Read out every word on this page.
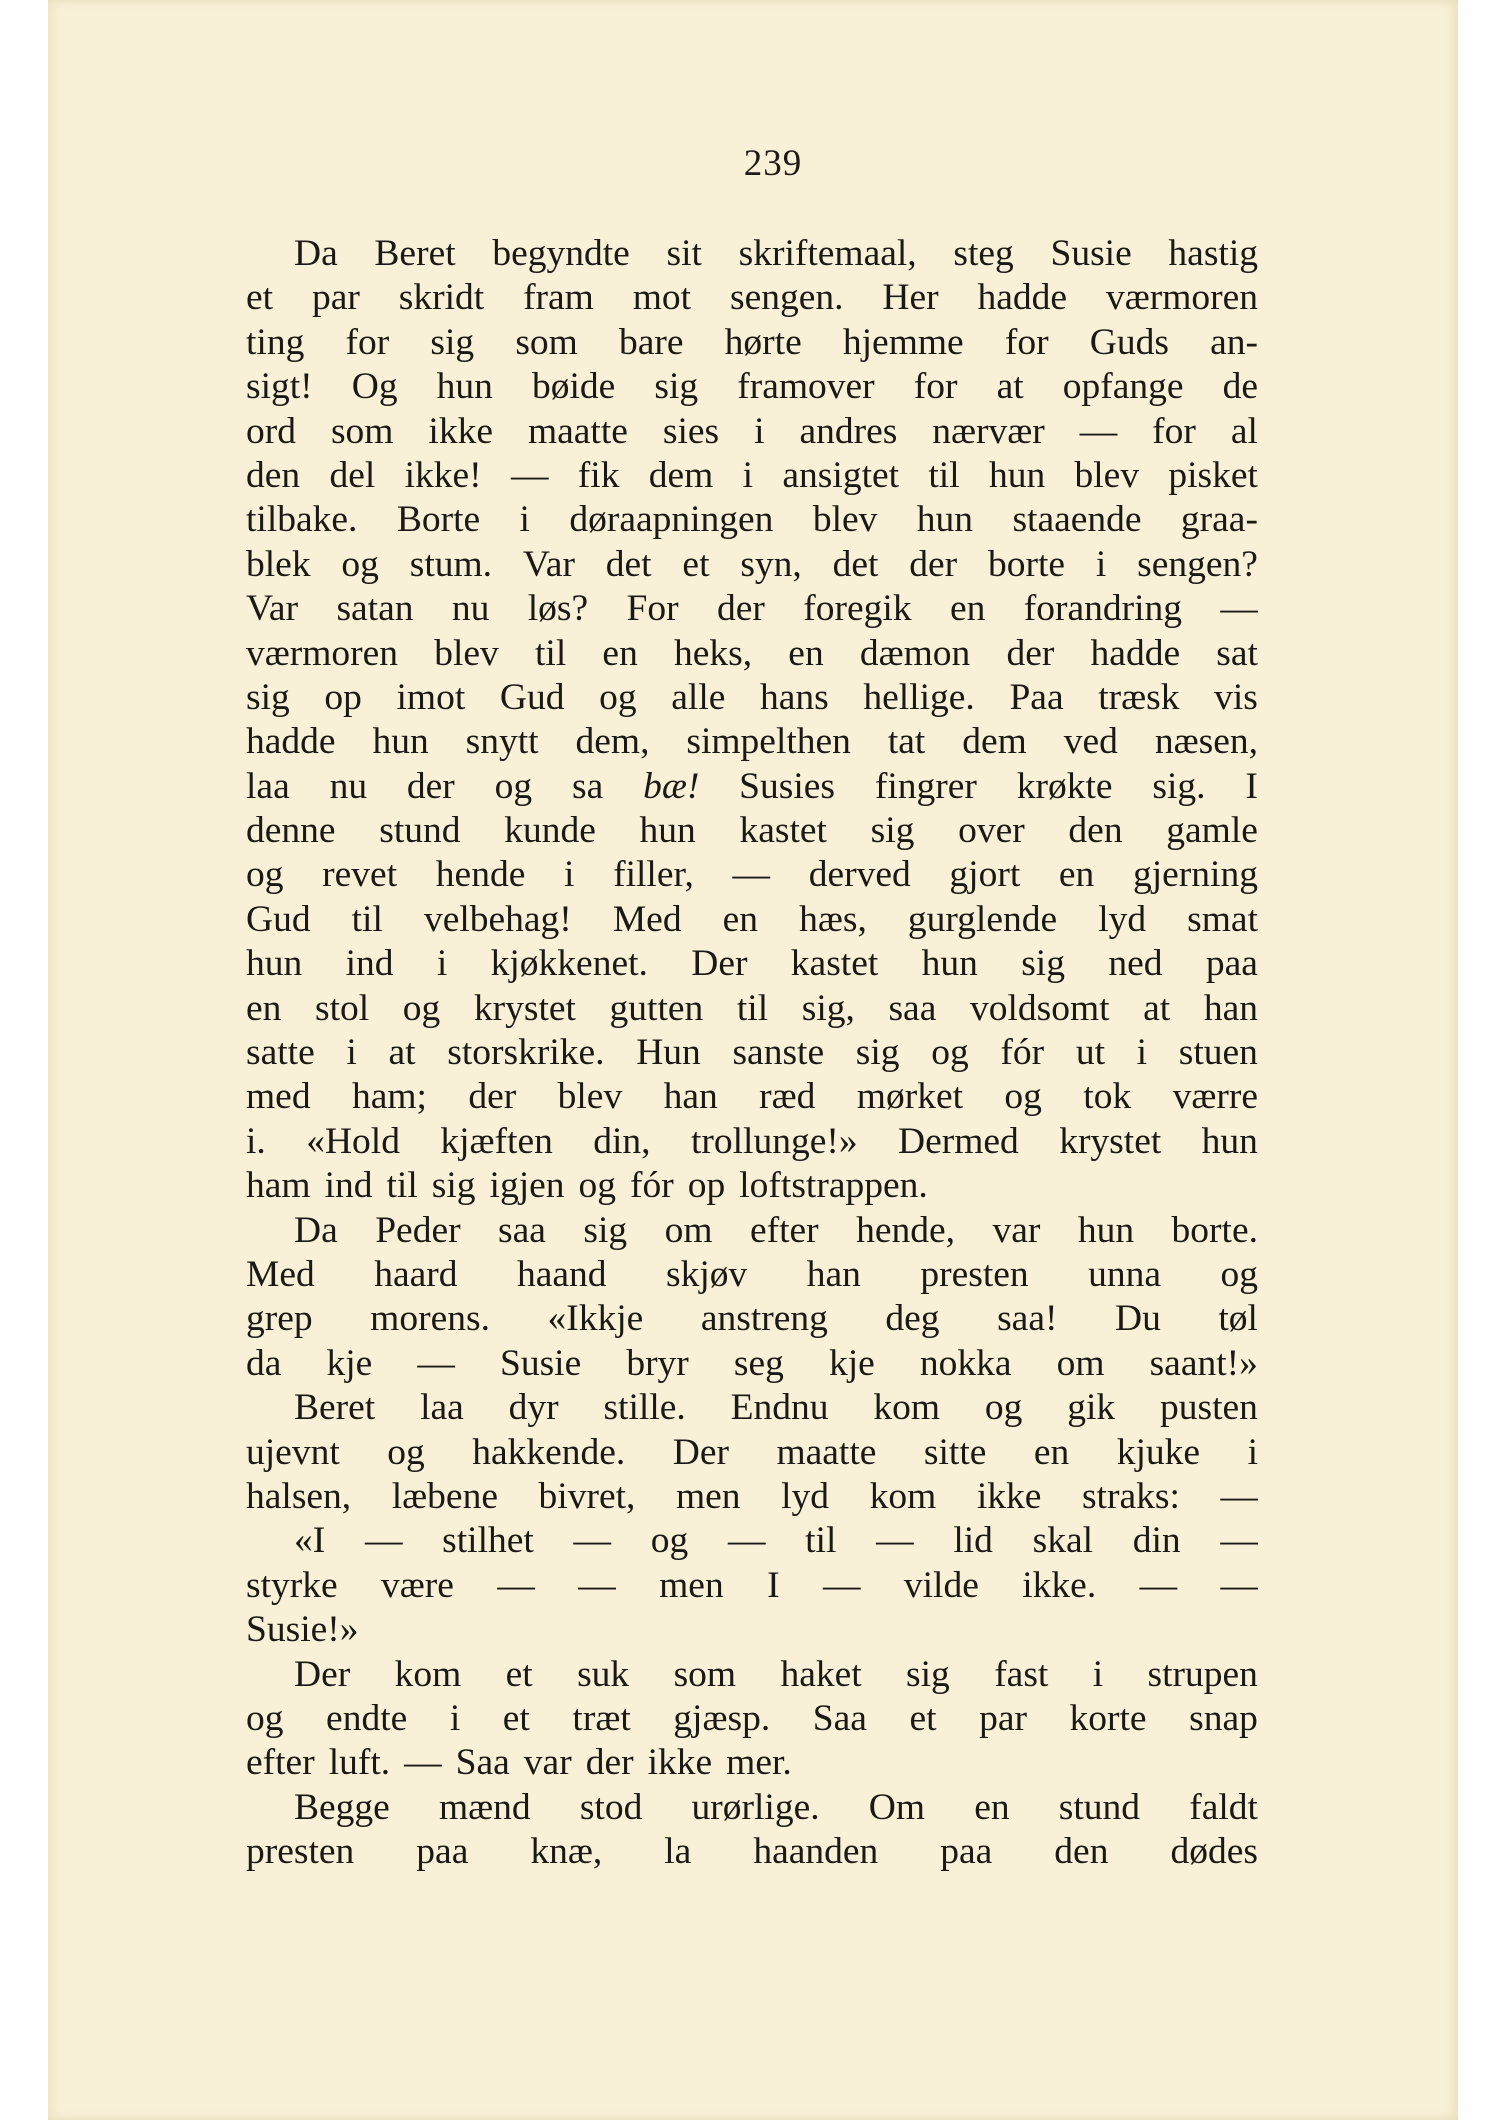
239
Da Beret begyndte sit skriftemaal, steg Susie hastig
et par skridt fram mot sengen. Her hadde værmoren
ting for sig som bare hørte hjemme for Guds an-
sigt! Og hun bøide sig framover for at opfange de
ord som ikke maatte sies i andres nærvær — for al
den del ikke! — fik dem i ansigtet til hun blev pisket
tilbake. Borte i døraapningen blev hun staaende graa-
blek og stum. Var det et syn, det der borte i sengen?
Var satan nu løs? For der foregik en forandring —
værmoren blev til en heks, en dæmon der hadde sat
sig op imot Gud og alle hans hellige. Paa træsk vis
hadde hun snytt dem, simpelthen tat dem ved næsen,
laa nu der og sa bæ! Susies fingrer krøkte sig. I
denne stund kunde hun kastet sig over den gamle
og revet hende i filler, — derved gjort en gjerning
Gud til velbehag! Med en hæs, gurglende lyd smat
hun ind i kjøkkenet. Der kastet hun sig ned paa
en stol og krystet gutten til sig, saa voldsomt at han
satte i at storskrike. Hun sanste sig og fór ut i stuen
med ham; der blev han ræd mørket og tok værre
i. «Hold kjæften din, trollunge!» Dermed krystet hun
ham ind til sig igjen og fór op loftstrappen.
Da Peder saa sig om efter hende, var hun borte.
Med haard haand skjøv han presten unna og
grep morens. «Ikkje anstreng deg saa! Du tøl
da kje — Susie bryr seg kje nokka om saant!»
Beret laa dyr stille. Endnu kom og gik pusten
ujevnt og hakkende. Der maatte sitte en kjuke i
halsen, læbene bivret, men lyd kom ikke straks: —
«I — stilhet — og — til — lid skal din —
styrke være — — men I — vilde ikke. — —
Susie!»
Der kom et suk som haket sig fast i strupen
og endte i et træt gjæsp. Saa et par korte snap
efter luft. — Saa var der ikke mer.
Begge mænd stod urørlige. Om en stund faldt
presten paa knæ, la haanden paa den dødes
